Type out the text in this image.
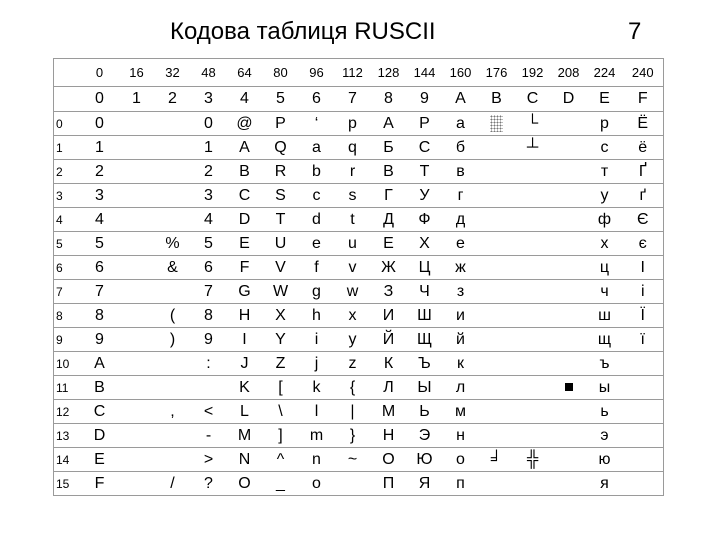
Кодова таблиця RUSCII	7
	0	16	32	48	64	80	96	112	128	144	160	176	192	208	224	240
	0	1	2	3	4	5	6	7	8	9	A	B	C	D	E	F
0	0			0	@	P	‘	p	А	Р	а		└		р	Ё
1	1			1	A	Q	a	q	Б	С	б		┴		с	ё
2	2			2	B	R	b	r	В	Т	в				т	Ґ
3	3			3	C	S	c	s	Г	У	г				у	ґ
4	4			4	D	T	d	t	Д	Ф	д				ф	Є
5	5		%	5	E	U	e	u	Е	Х	е				х	є
6	6		&	6	F	V	f	v	Ж	Ц	ж				ц	І
7	7			7	G	W	g	w	З	Ч	з				ч	і
8	8		(	8	H	X	h	x	И	Ш	и				ш	Ї
9	9		)	9	I	Y	i	y	Й	Щ	й				щ	ї
10	A			:	J	Z	j	z	К	Ъ	к				ъ	
11	B				K	[	k	{	Л	Ы	л				ы	
12	C		,	<	L	\	l	|	М	Ь	м				ь	
13	D			-	M	]	m	}	Н	Э	н				э	
14	E			>	N	^	n	~	О	Ю	о	╛	╬		ю	
15	F		/	?	O	_	o		П	Я	п				я	
